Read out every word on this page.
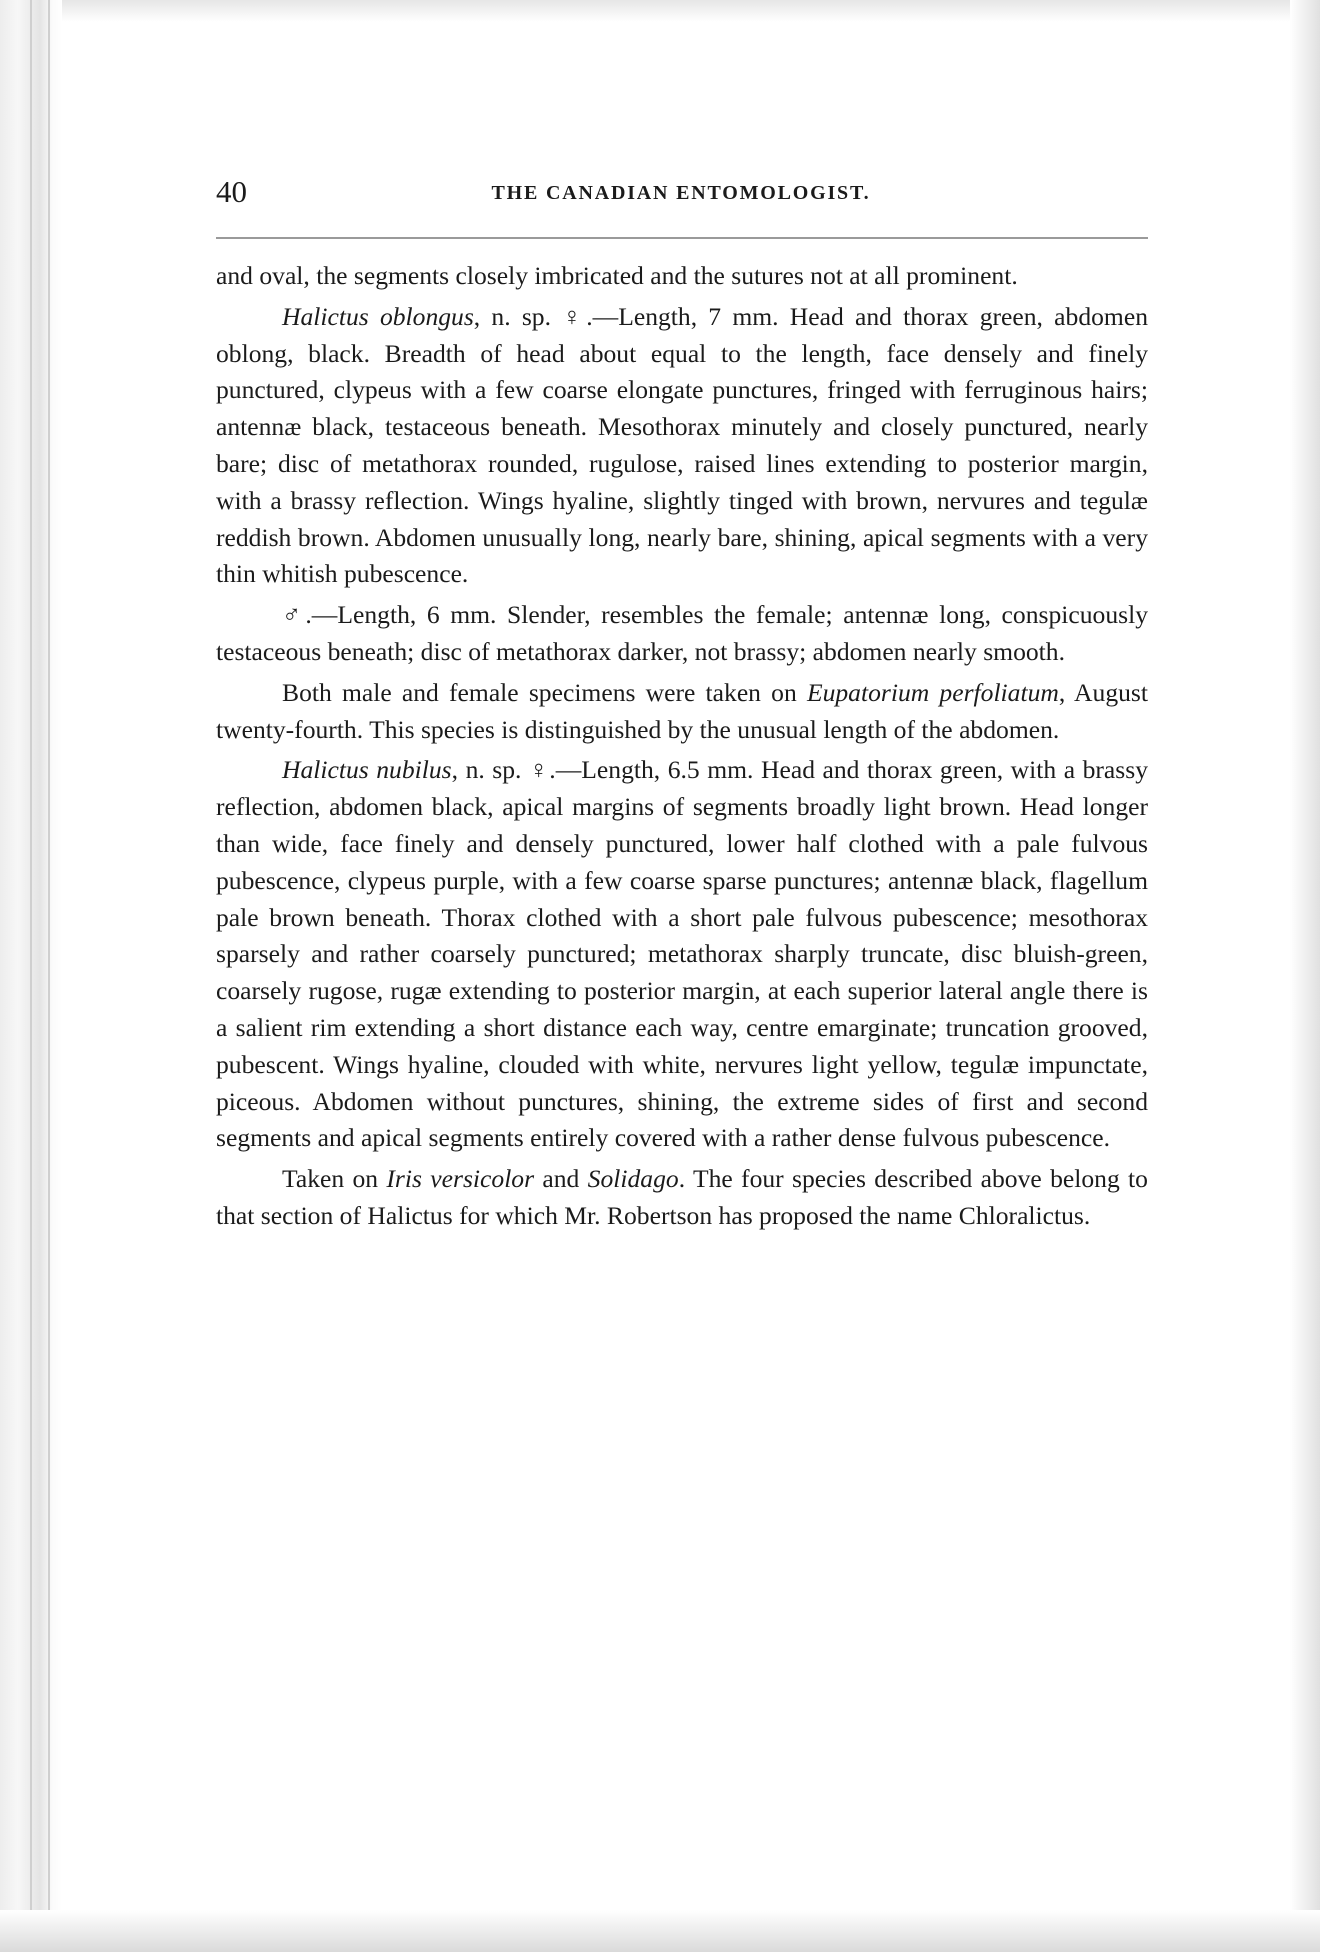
40	THE CANADIAN ENTOMOLOGIST.

and oval, the segments closely imbricated and the sutures not at all prominent.

Halictus oblongus, n. sp. ♀.—Length, 7 mm. Head and thorax green, abdomen oblong, black. Breadth of head about equal to the length, face densely and finely punctured, clypeus with a few coarse elongate punctures, fringed with ferruginous hairs; antennæ black, testaceous beneath. Mesothorax minutely and closely punctured, nearly bare; disc of metathorax rounded, rugulose, raised lines extending to posterior margin, with a brassy reflection. Wings hyaline, slightly tinged with brown, nervures and tegulæ reddish brown. Abdomen unusually long, nearly bare, shining, apical segments with a very thin whitish pubescence.

♂.—Length, 6 mm. Slender, resembles the female; antennæ long, conspicuously testaceous beneath; disc of metathorax darker, not brassy; abdomen nearly smooth.

Both male and female specimens were taken on Eupatorium perfoliatum, August twenty-fourth. This species is distinguished by the unusual length of the abdomen.

Halictus nubilus, n. sp. ♀.—Length, 6.5 mm. Head and thorax green, with a brassy reflection, abdomen black, apical margins of segments broadly light brown. Head longer than wide, face finely and densely punctured, lower half clothed with a pale fulvous pubescence, clypeus purple, with a few coarse sparse punctures; antennæ black, flagellum pale brown beneath. Thorax clothed with a short pale fulvous pubescence; mesothorax sparsely and rather coarsely punctured; metathorax sharply truncate, disc bluish-green, coarsely rugose, rugæ extending to posterior margin, at each superior lateral angle there is a salient rim extending a short distance each way, centre emarginate; truncation grooved, pubescent. Wings hyaline, clouded with white, nervures light yellow, tegulæ impunctate, piceous. Abdomen without punctures, shining, the extreme sides of first and second segments and apical segments entirely covered with a rather dense fulvous pubescence.

Taken on Iris versicolor and Solidago. The four species described above belong to that section of Halictus for which Mr. Robertson has proposed the name Chloralictus.
